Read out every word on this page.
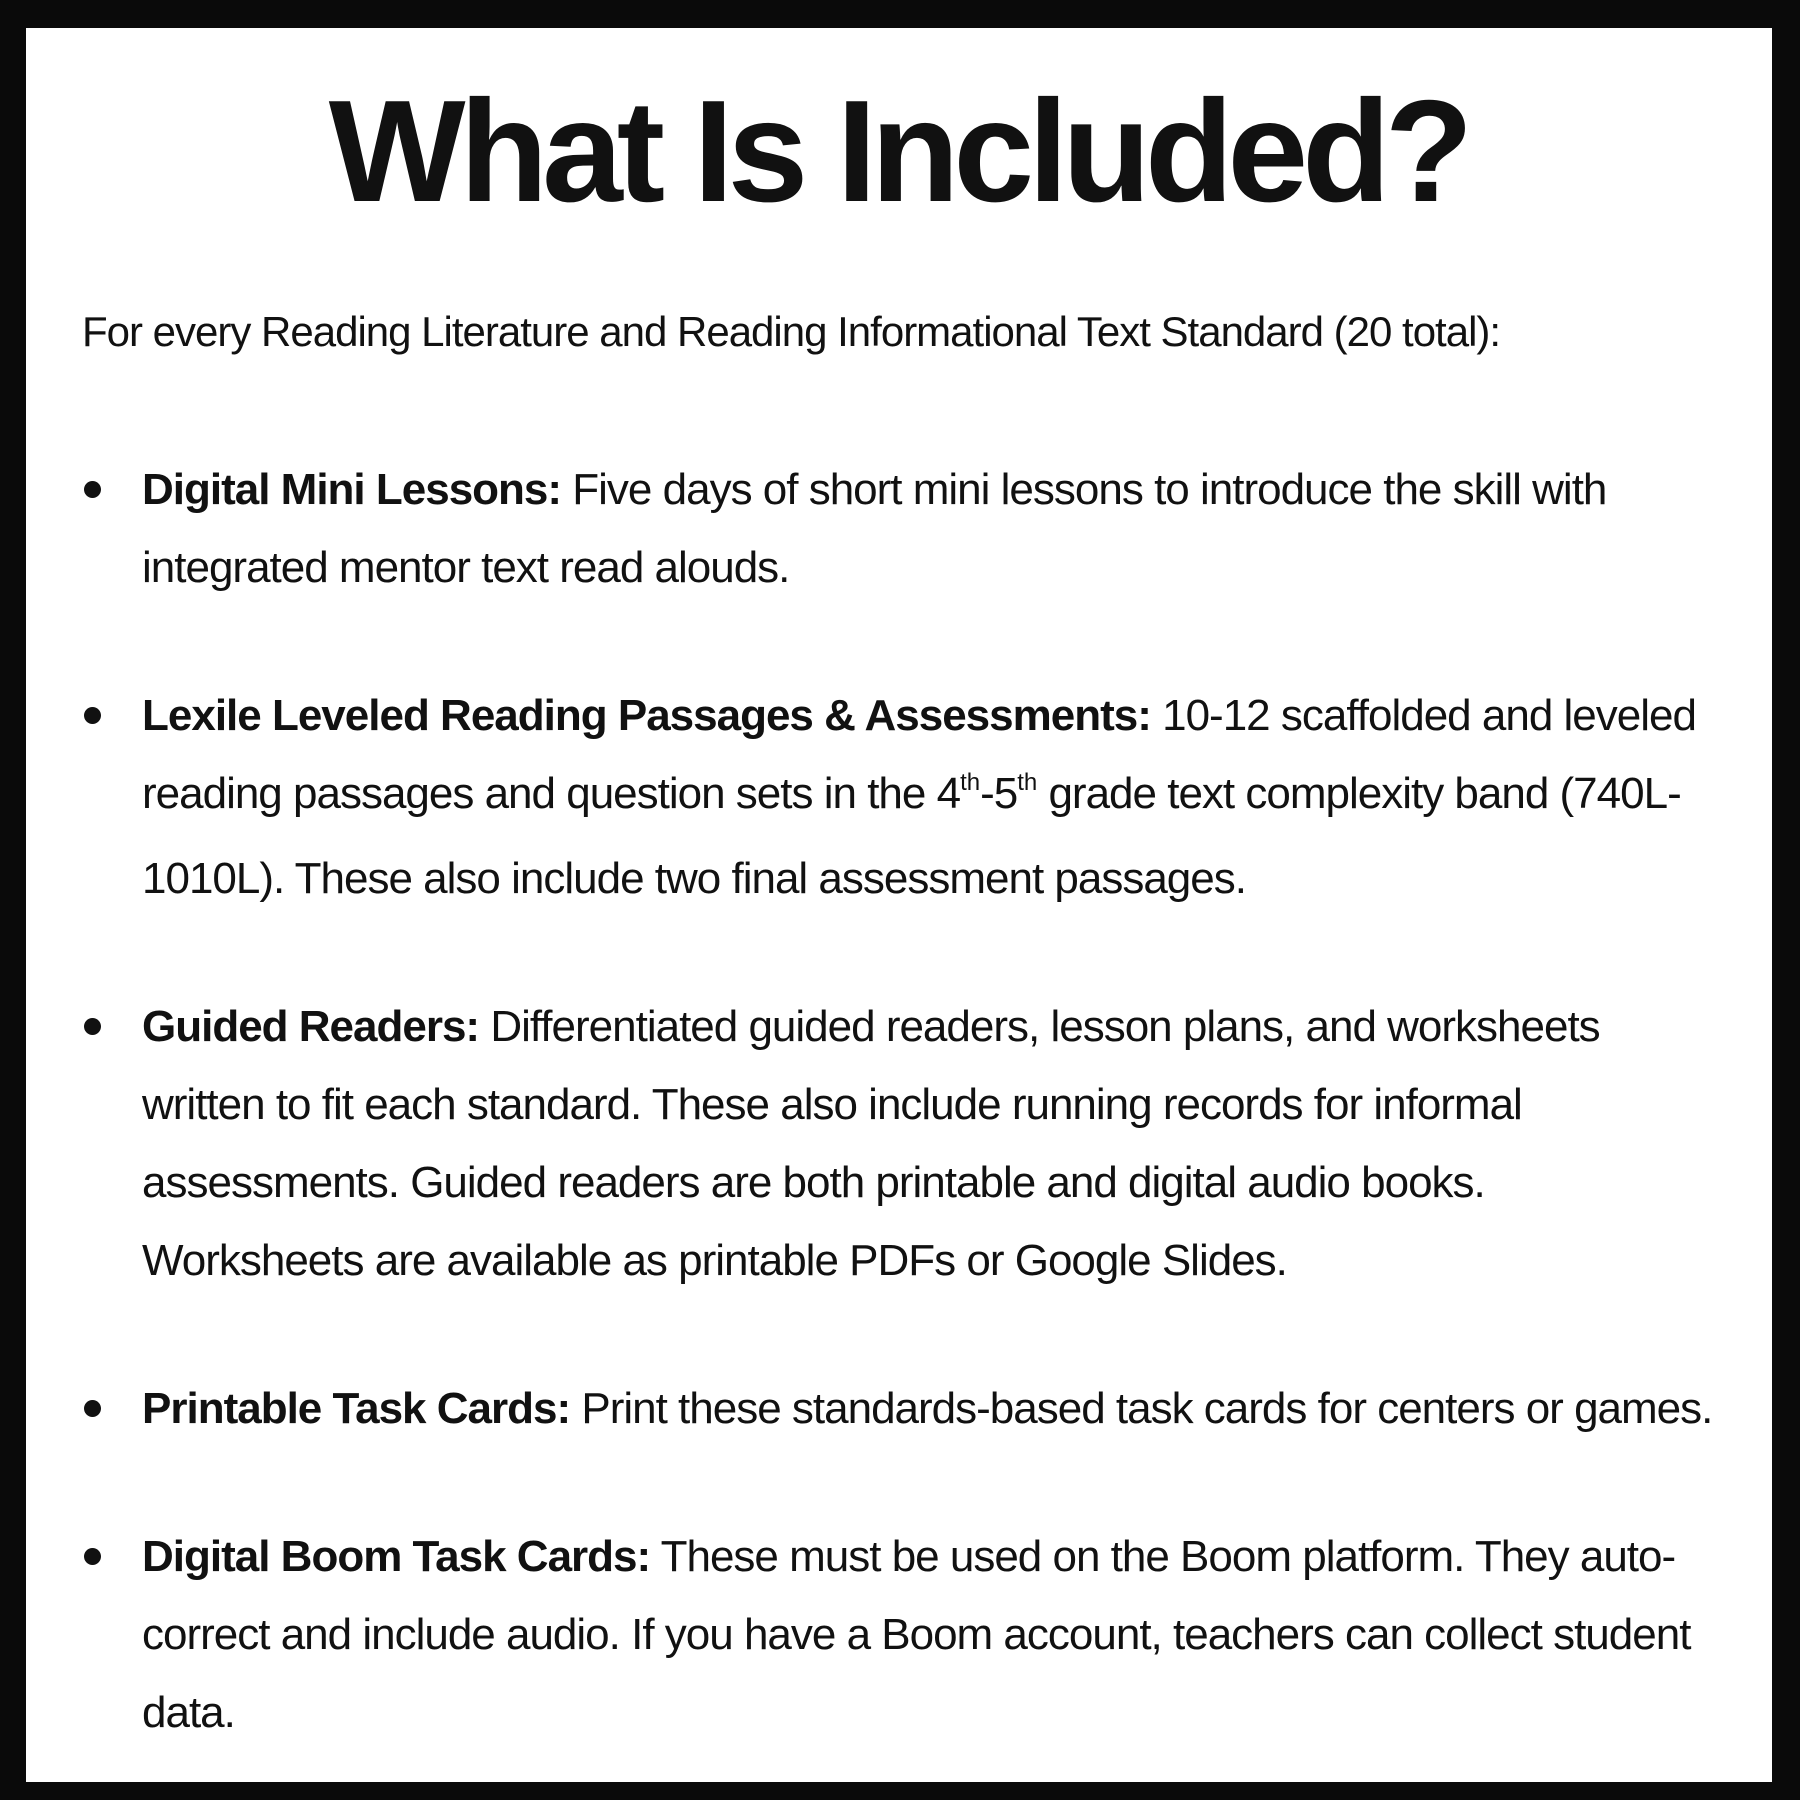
What Is Included?

For every Reading Literature and Reading Informational Text Standard (20 total):

Digital Mini Lessons: Five days of short mini lessons to introduce the skill with integrated mentor text read alouds.
Lexile Leveled Reading Passages & Assessments: 10-12 scaffolded and leveled reading passages and question sets in the 4th-5th grade text complexity band (740L-1010L). These also include two final assessment passages.
Guided Readers: Differentiated guided readers, lesson plans, and worksheets written to fit each standard. These also include running records for informal assessments. Guided readers are both printable and digital audio books. Worksheets are available as printable PDFs or Google Slides.
Printable Task Cards: Print these standards-based task cards for centers or games.
Digital Boom Task Cards: These must be used on the Boom platform. They auto-correct and include audio. If you have a Boom account, teachers can collect student data.
